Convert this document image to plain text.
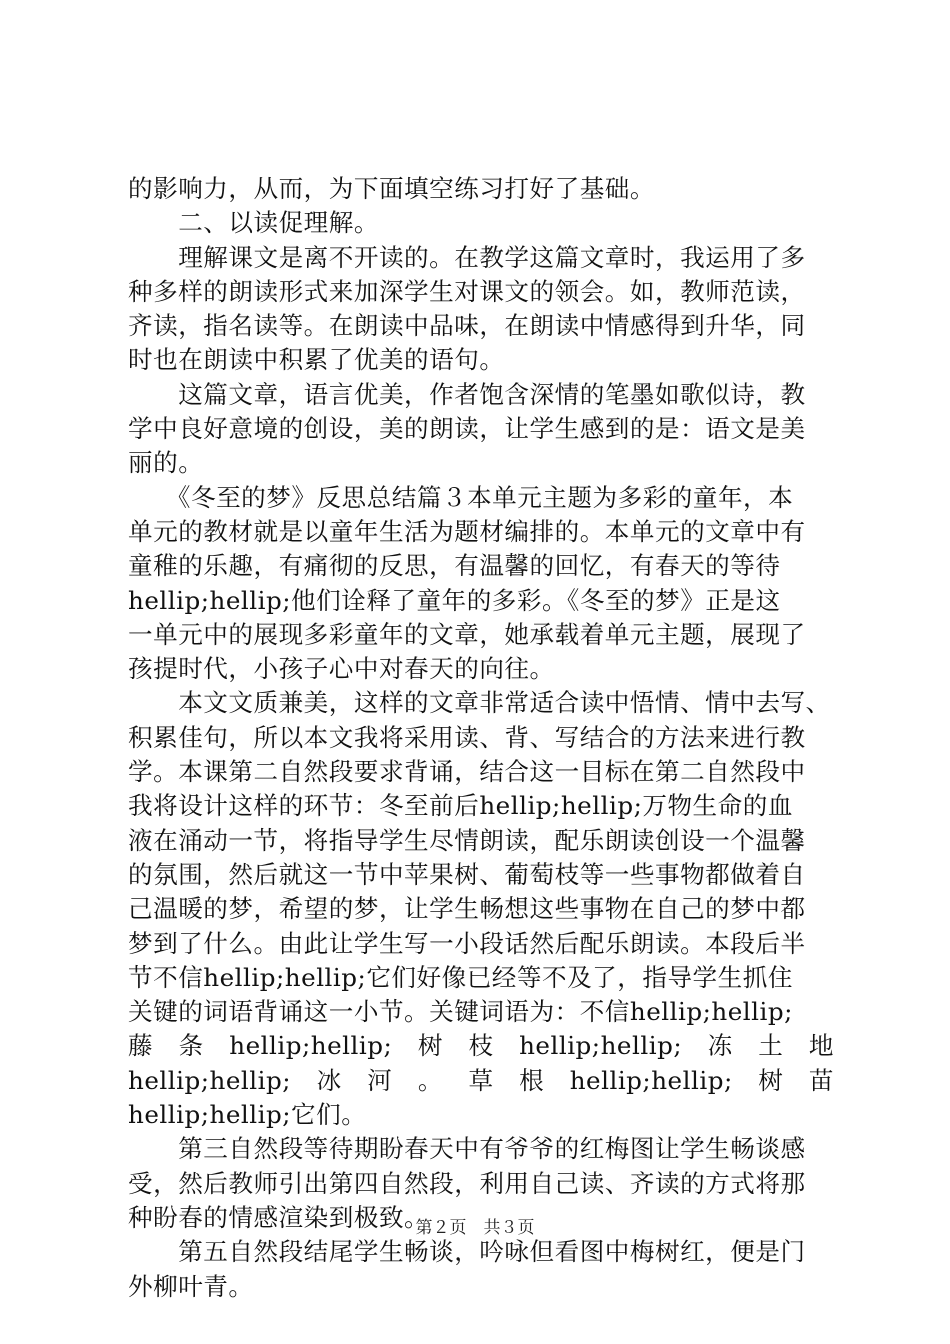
的影响力，从而，为下面填空练习打好了基础。
　　二、以读促理解。
　　理解课文是离不开读的。在教学这篇文章时，我运用了多
种多样的朗读形式来加深学生对课文的领会。如，教师范读，
齐读，指名读等。在朗读中品味，在朗读中情感得到升华，同
时也在朗读中积累了优美的语句。
　　这篇文章，语言优美，作者饱含深情的笔墨如歌似诗，教
学中良好意境的创设，美的朗读，让学生感到的是：语文是美
丽的。
　　《冬至的梦》反思总结篇３本单元主题为多彩的童年，本
单元的教材就是以童年生活为题材编排的。本单元的文章中有
童稚的乐趣，有痛彻的反思，有温馨的回忆，有春天的等待
hellip;hellip;他们诠释了童年的多彩。《冬至的梦》正是这
一单元中的展现多彩童年的文章，她承载着单元主题，展现了
孩提时代，小孩子心中对春天的向往。
　　本文文质兼美，这样的文章非常适合读中悟情、情中去写、
积累佳句，所以本文我将采用读、背、写结合的方法来进行教
学。本课第二自然段要求背诵，结合这一目标在第二自然段中
我将设计这样的环节：冬至前后hellip;hellip;万物生命的血
液在涌动一节，将指导学生尽情朗读，配乐朗读创设一个温馨
的氛围，然后就这一节中苹果树、葡萄枝等一些事物都做着自
己温暖的梦，希望的梦，让学生畅想这些事物在自己的梦中都
梦到了什么。由此让学生写一小段话然后配乐朗读。本段后半
节不信hellip;hellip;它们好像已经等不及了，指导学生抓住
关键的词语背诵这一小节。关键词语为：不信hellip;hellip;
藤 条 hellip;hellip; 树 枝 hellip;hellip; 冻 土 地
hellip;hellip; 冰 河 。 草 根 hellip;hellip; 树 苗
hellip;hellip;它们。
　　第三自然段等待期盼春天中有爷爷的红梅图让学生畅谈感
受，然后教师引出第四自然段，利用自己读、齐读的方式将那
种盼春的情感渲染到极致。
　　第五自然段结尾学生畅谈，吟咏但看图中梅树红，便是门
外柳叶青。
第２页　共３页
